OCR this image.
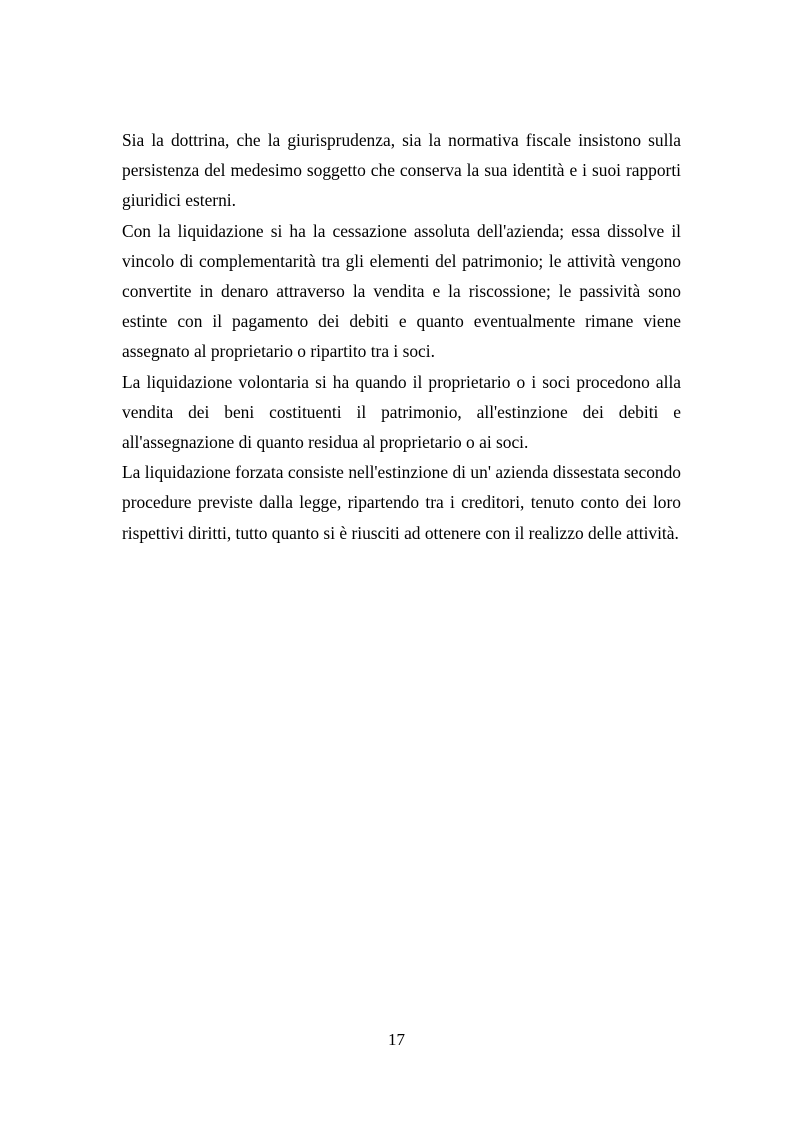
Sia la dottrina, che la giurisprudenza, sia la normativa fiscale insistono sulla persistenza del medesimo soggetto che conserva la sua identità e i suoi rapporti giuridici esterni.

Con la liquidazione si ha la cessazione assoluta dell'azienda; essa dissolve il vincolo di complementarità tra gli elementi del patrimonio; le attività vengono convertite in denaro attraverso la vendita e la riscossione; le passività sono estinte con il pagamento dei debiti e quanto eventualmente rimane viene assegnato al proprietario o ripartito tra i soci.

La liquidazione volontaria si ha quando il proprietario o i soci procedono alla vendita dei beni costituenti il patrimonio, all'estinzione dei debiti e all'assegnazione di quanto residua al proprietario o ai soci.

La liquidazione forzata consiste nell'estinzione di un' azienda dissestata secondo procedure previste dalla legge, ripartendo tra i creditori, tenuto conto dei loro rispettivi diritti, tutto quanto si è riusciti ad ottenere con il realizzo delle attività.

17
